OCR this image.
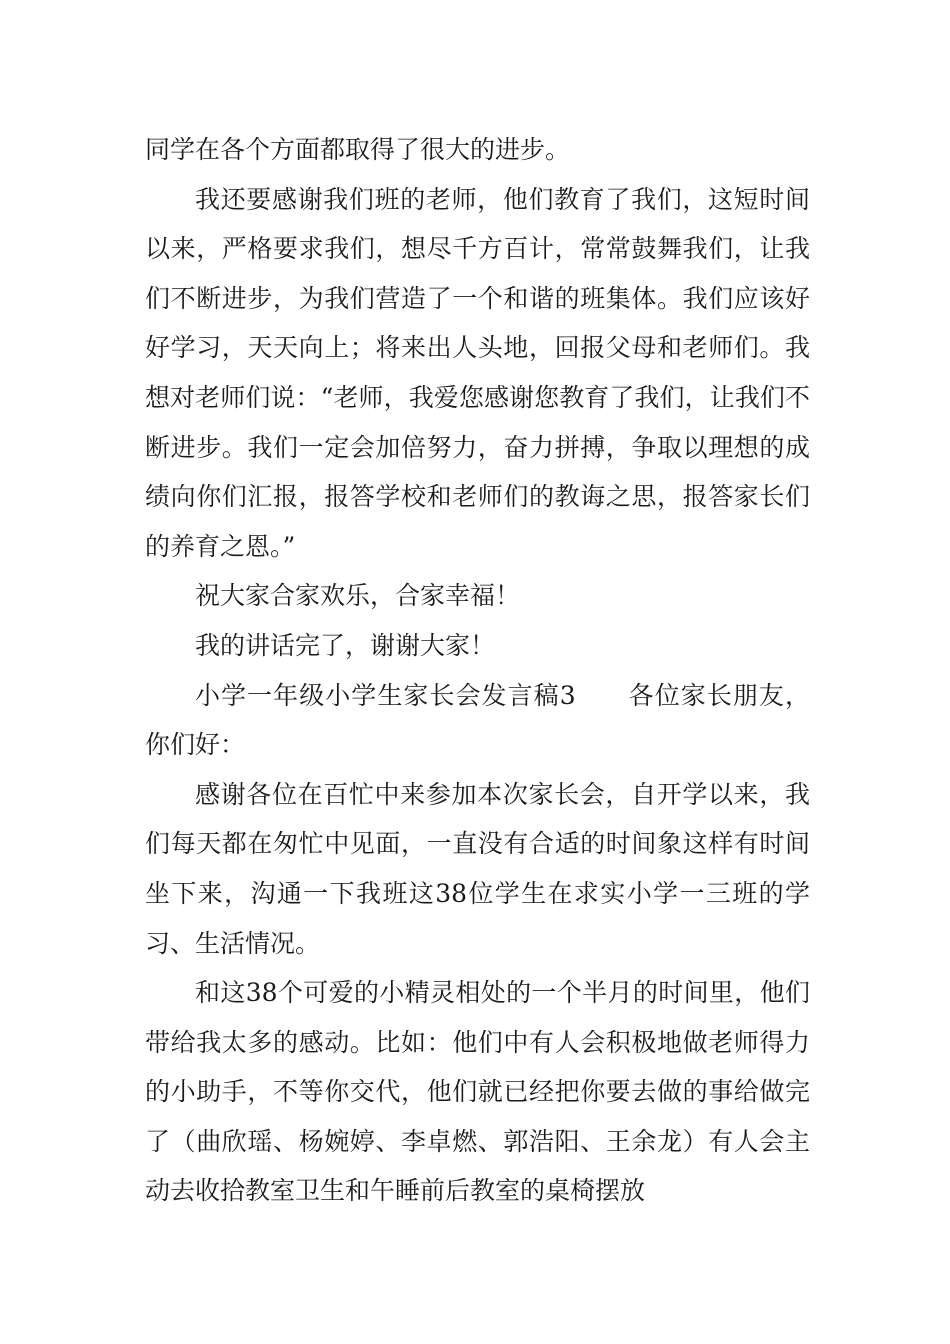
同学在各个方面都取得了很大的进步。

我还要感谢我们班的老师，他们教育了我们，这短时间以来，严格要求我们，想尽千方百计，常常鼓舞我们，让我们不断进步，为我们营造了一个和谐的班集体。我们应该好好学习，天天向上；将来出人头地，回报父母和老师们。我想对老师们说：“老师，我爱您感谢您教育了我们，让我们不断进步。我们一定会加倍努力，奋力拼搏，争取以理想的成绩向你们汇报，报答学校和老师们的教诲之思，报答家长们的养育之恩。”

祝大家合家欢乐，合家幸福！

我的讲话完了，谢谢大家！

小学一年级小学生家长会发言稿3 各位家长朋友，你们好：

感谢各位在百忙中来参加本次家长会，自开学以来，我们每天都在匆忙中见面，一直没有合适的时间象这样有时间坐下来，沟通一下我班这38位学生在求实小学一三班的学习、生活情况。

和这38个可爱的小精灵相处的一个半月的时间里，他们带给我太多的感动。比如：他们中有人会积极地做老师得力的小助手，不等你交代，他们就已经把你要去做的事给做完了（曲欣瑶、杨婉婷、李卓燃、郭浩阳、王余龙）有人会主动去收拾教室卫生和午睡前后教室的桌椅摆放
